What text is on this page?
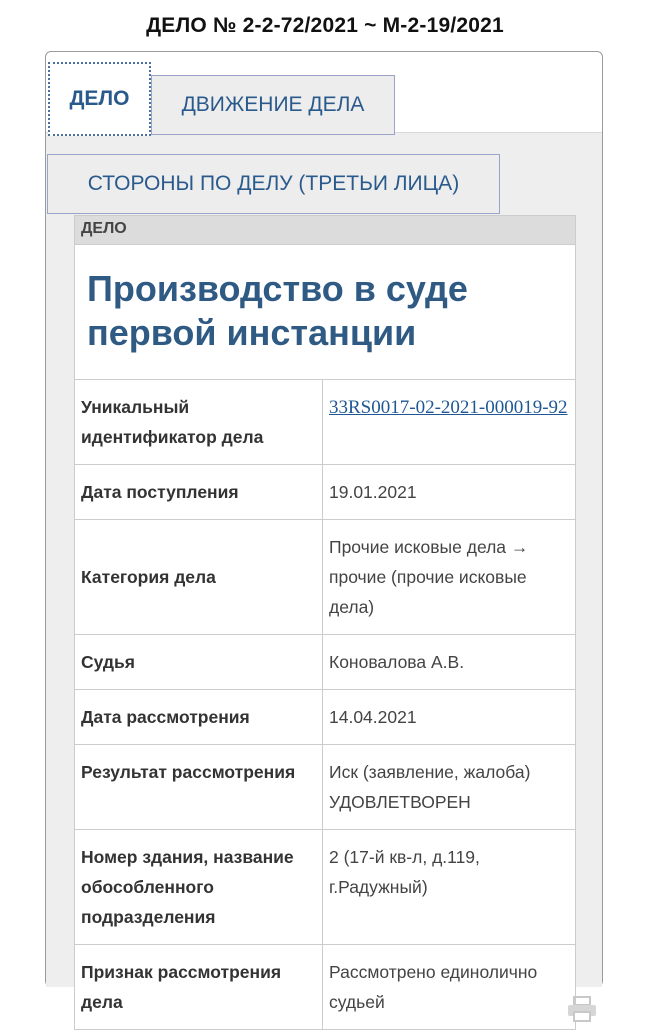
ДЕЛО № 2-2-72/2021 ~ М-2-19/2021
ДЕЛО ДВИЖЕНИЕ ДЕЛА
СТОРОНЫ ПО ДЕЛУ (ТРЕТЬИ ЛИЦА)
ДЕЛО	
Производство в суде первой инстанции	
Уникальный идентификатор дела	33RS0017-02-2021-000019-92
Дата поступления	19.01.2021
Категория дела	Прочие исковые дела → прочие (прочие исковые дела)
Судья	Коновалова А.В.
Дата рассмотрения	14.04.2021
Результат рассмотрения	Иск (заявление, жалоба) УДОВЛЕТВОРЕН
Номер здания, название обособленного подразделения	2 (17-й кв-л, д.119, г.Радужный)
Признак рассмотрения дела	Рассмотрено единолично судьей
